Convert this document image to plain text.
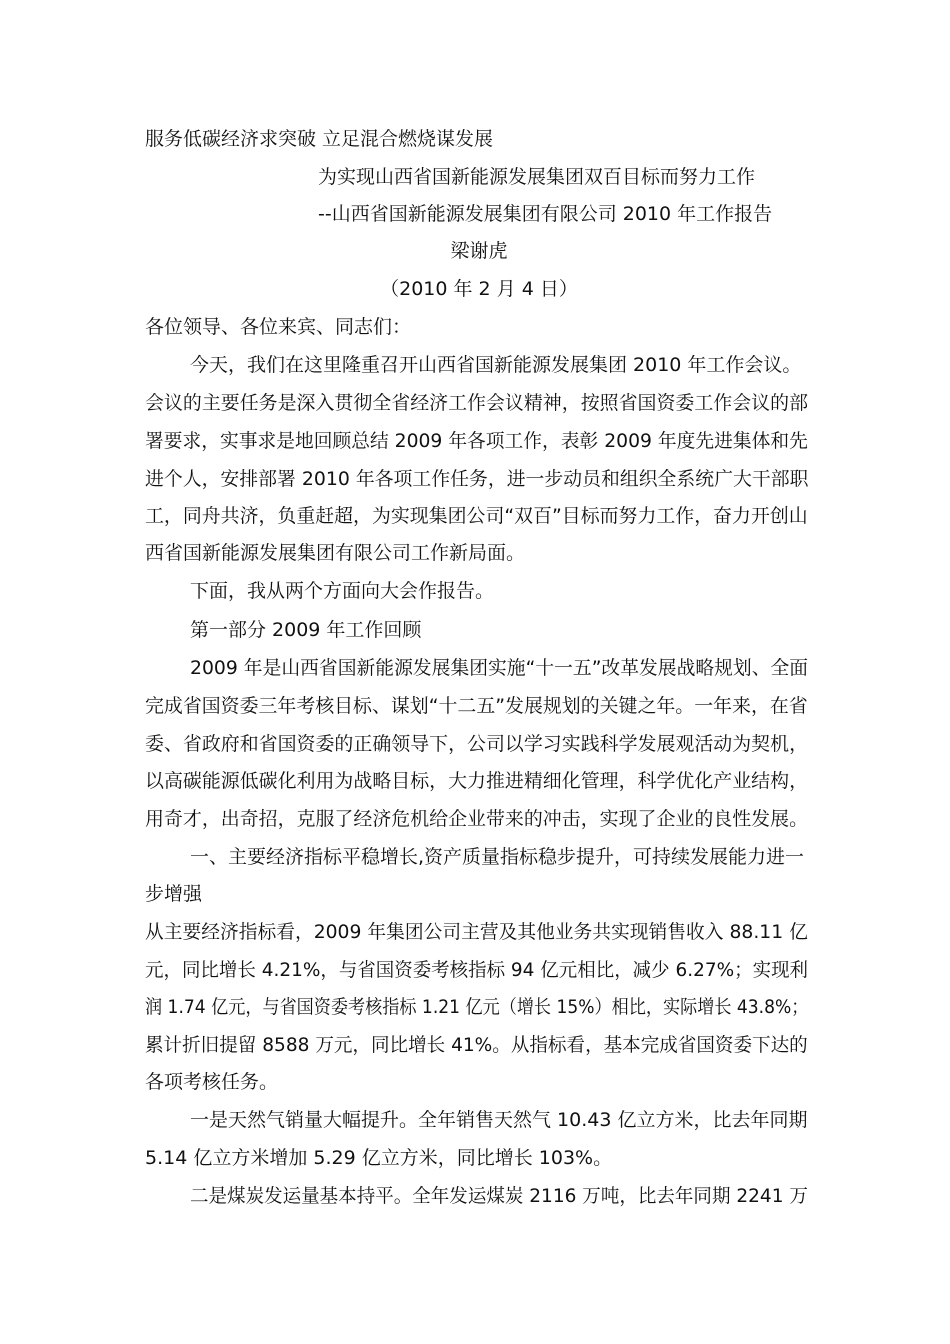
服务低碳经济求突破 立足混合燃烧谋发展
为实现山西省国新能源发展集团双百目标而努力工作
--山西省国新能源发展集团有限公司 2010 年工作报告
梁谢虎
（2010 年 2 月 4 日）
各位领导、各位来宾、同志们：
今天，我们在这里隆重召开山西省国新能源发展集团 2010 年工作会议。
会议的主要任务是深入贯彻全省经济工作会议精神，按照省国资委工作会议的部
署要求，实事求是地回顾总结 2009 年各项工作，表彰 2009 年度先进集体和先
进个人，安排部署 2010 年各项工作任务，进一步动员和组织全系统广大干部职
工，同舟共济，负重赶超，为实现集团公司“双百”目标而努力工作，奋力开创山
西省国新能源发展集团有限公司工作新局面。
下面，我从两个方面向大会作报告。
第一部分 2009 年工作回顾
2009 年是山西省国新能源发展集团实施“十一五”改革发展战略规划、全面
完成省国资委三年考核目标、谋划“十二五”发展规划的关键之年。一年来，在省
委、省政府和省国资委的正确领导下，公司以学习实践科学发展观活动为契机，
以高碳能源低碳化利用为战略目标，大力推进精细化管理，科学优化产业结构，
用奇才，出奇招，克服了经济危机给企业带来的冲击，实现了企业的良性发展。
一、主要经济指标平稳增长,资产质量指标稳步提升，可持续发展能力进一
步增强
从主要经济指标看，2009 年集团公司主营及其他业务共实现销售收入 88.11 亿
元，同比增长 4.21%，与省国资委考核指标 94 亿元相比，减少 6.27%；实现利
润 1.74 亿元，与省国资委考核指标 1.21 亿元（增长 15%）相比，实际增长 43.8%；
累计折旧提留 8588 万元，同比增长 41%。从指标看，基本完成省国资委下达的
各项考核任务。
一是天然气销量大幅提升。全年销售天然气 10.43 亿立方米，比去年同期
5.14 亿立方米增加 5.29 亿立方米，同比增长 103%。
二是煤炭发运量基本持平。全年发运煤炭 2116 万吨，比去年同期 2241 万
